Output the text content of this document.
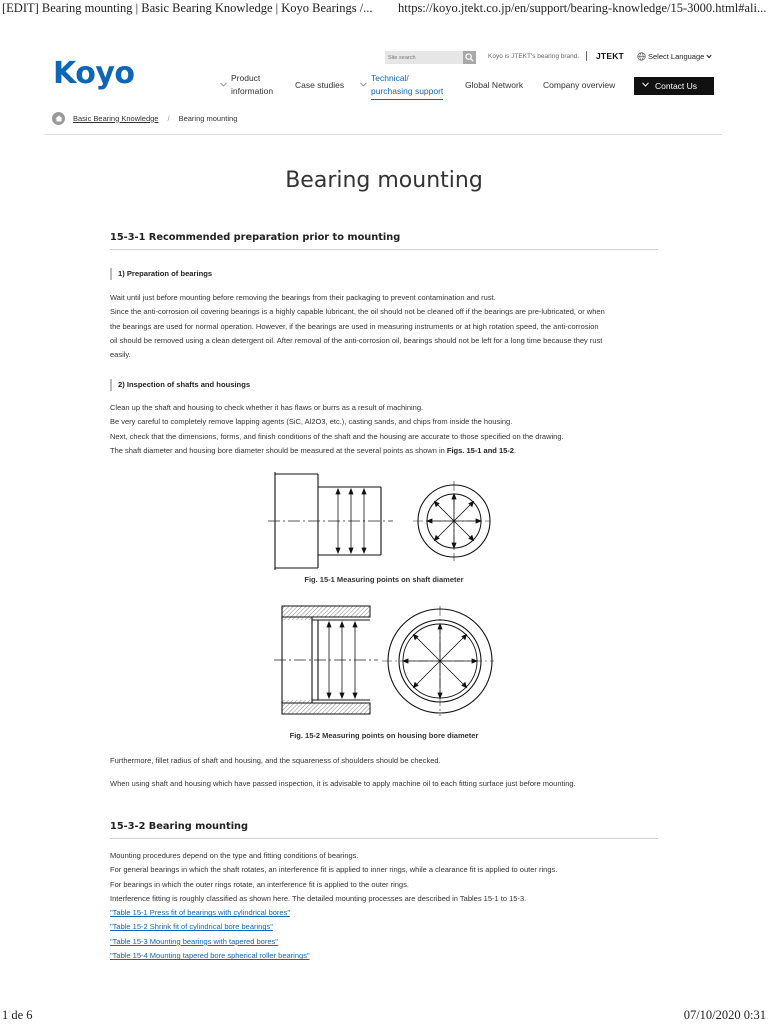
[EDIT] Bearing mounting | Basic Bearing Knowledge | Koyo Bearings /... https://koyo.jtekt.co.jp/en/support/bearing-knowledge/15-3000.html#ali...
Koyo
Site search	Koyo is JTEKT's bearing brand. JTEKT	Select Language
Product
information
Case studies
Technical/
purchasing support
Global Network Company overview	Contact Us
Basic Bearing Knowledge / Bearing mounting
Bearing mounting
15-3-1 Recommended preparation prior to mounting
1) Preparation of bearings

Wait until just before mounting before removing the bearings from their packaging to prevent contamination and rust.

Since the anti-corrosion oil covering bearings is a highly capable lubricant, the oil should not be cleaned off if the bearings are pre-lubricated, or when

the bearings are used for normal operation. However, if the bearings are used in measuring instruments or at high rotation speed, the anti-corrosion

oil should be removed using a clean detergent oil. After removal of the anti-corrosion oil, bearings should not be left for a long time because they rust

easily.

2) Inspection of shafts and housings

Clean up the shaft and housing to check whether it has flaws or burrs as a result of machining.

Be very careful to completely remove lapping agents (SiC, Al2O3, etc.), casting sands, and chips from inside the housing.

Next, check that the dimensions, forms, and finish conditions of the shaft and the housing are accurate to those specified on the drawing.

The shaft diameter and housing bore diameter should be measured at the several points as shown in Figs. 15-1 and 15-2.

Fig. 15-1 Measuring points on shaft diameter
Fig. 15-2 Measuring points on housing bore diameter
Furthermore, fillet radius of shaft and housing, and the squareness of shoulders should be checked.
When using shaft and housing which have passed inspection, it is advisable to apply machine oil to each fitting surface just before mounting.
15-3-2 Bearing mounting

Mounting procedures depend on the type and fitting conditions of bearings.

For general bearings in which the shaft rotates, an interference fit is applied to inner rings, while a clearance fit is applied to outer rings.

For bearings in which the outer rings rotate, an interference fit is applied to the outer rings.

Interference fitting is roughly classified as shown here. The detailed mounting processes are described in Tables 15-1 to 15-3.

"Table 15-1 Press fit of bearings with cylindrical bores"

"Table 15-2 Shrink fit of cylindrical bore bearings"

"Table 15-3 Mounting bearings with tapered bores"

"Table 15-4 Mounting tapered bore spherical roller bearings"

1 de 6	07/10/2020 0:31
